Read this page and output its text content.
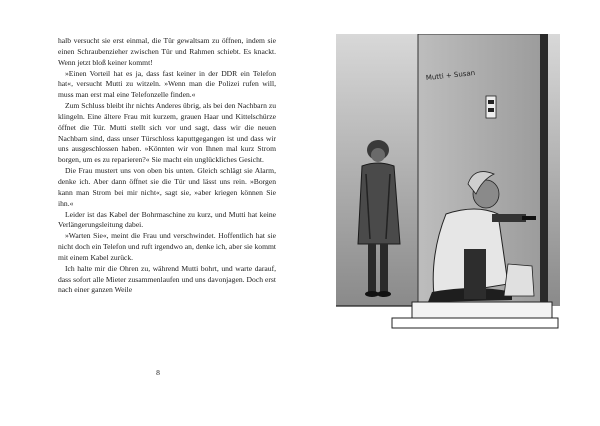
halb versucht sie erst einmal, die Tür gewaltsam zu öffnen, indem sie einen Schraubenzieher zwischen Tür und Rahmen schiebt. Es knackt. Wenn jetzt bloß keiner kommt!

»Einen Vorteil hat es ja, dass fast keiner in der DDR ein Telefon hat«, versucht Mutti zu witzeln. »Wenn man die Polizei rufen will, muss man erst mal eine Telefonzelle finden.«

Zum Schluss bleibt ihr nichts Anderes übrig, als bei den Nachbarn zu klingeln. Eine ältere Frau mit kurzem, grauen Haar und Kittelschürze öffnet die Tür. Mutti stellt sich vor und sagt, dass wir die neuen Nachbarn sind, dass unser Türschloss kaputtgegangen ist und dass wir uns ausgeschlossen haben. »Könnten wir von Ihnen mal kurz Strom borgen, um es zu reparieren?« Sie macht ein unglückliches Gesicht.

Die Frau mustert uns von oben bis unten. Gleich schlägt sie Alarm, denke ich. Aber dann öffnet sie die Tür und lässt uns rein. »Borgen kann man Strom bei mir nicht«, sagt sie, »aber kriegen können Sie ihn.«

Leider ist das Kabel der Bohrmaschine zu kurz, und Mutti hat keine Verlängerungsleitung dabei.

»Warten Sie«, meint die Frau und verschwindet. Hoffentlich hat sie nicht doch ein Telefon und ruft irgendwo an, denke ich, aber sie kommt mit einem Kabel zurück.

Ich halte mir die Ohren zu, während Mutti bohrt, und warte darauf, dass sofort alle Mieter zusammenlaufen und uns davonjagen. Doch erst nach einer ganzen Weile

8
Mutti + Susan
